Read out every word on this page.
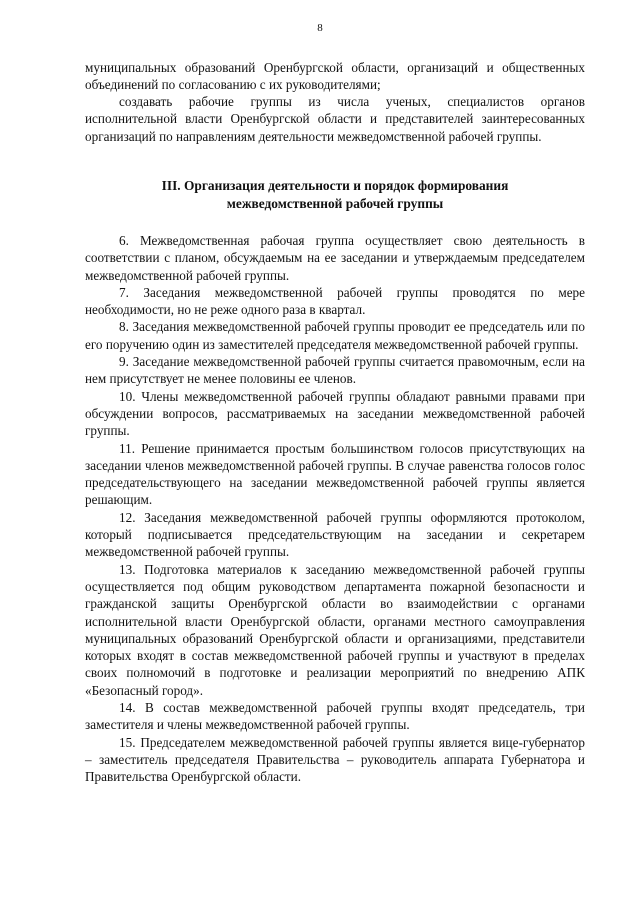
8

муниципальных образований Оренбургской области, организаций и общественных объединений по согласованию с их руководителями;

создавать рабочие группы из числа ученых, специалистов органов исполнительной власти Оренбургской области и представителей заинтересованных организаций по направлениям деятельности межведомственной рабочей группы.

III. Организация деятельности и порядок формирования
межведомственной рабочей группы

6. Межведомственная рабочая группа осуществляет свою деятельность в соответствии с планом, обсуждаемым на ее заседании и утверждаемым председателем межведомственной рабочей группы.

7. Заседания межведомственной рабочей группы проводятся по мере необходимости, но не реже одного раза в квартал.

8. Заседания межведомственной рабочей группы проводит ее председатель или по его поручению один из заместителей председателя межведомственной рабочей группы.

9. Заседание межведомственной рабочей группы считается правомочным, если на нем присутствует не менее половины ее членов.

10. Члены межведомственной рабочей группы обладают равными правами при обсуждении вопросов, рассматриваемых на заседании межведомственной рабочей группы.

11. Решение принимается простым большинством голосов присутствующих на заседании членов межведомственной рабочей группы. В случае равенства голосов голос председательствующего на заседании межведомственной рабочей группы является решающим.

12. Заседания межведомственной рабочей группы оформляются протоколом, который подписывается председательствующим на заседании и секретарем межведомственной рабочей группы.

13. Подготовка материалов к заседанию межведомственной рабочей группы осуществляется под общим руководством департамента пожарной безопасности и гражданской защиты Оренбургской области во взаимодействии с органами исполнительной власти Оренбургской области, органами местного самоуправления муниципальных образований Оренбургской области и организациями, представители которых входят в состав межведомственной рабочей группы и участвуют в пределах своих полномочий в подготовке и реализации мероприятий по внедрению АПК «Безопасный город».

14. В состав межведомственной рабочей группы входят председатель, три заместителя и члены межведомственной рабочей группы.

15. Председателем межведомственной рабочей группы является вице-губернатор – заместитель председателя Правительства – руководитель аппарата Губернатора и Правительства Оренбургской области.
